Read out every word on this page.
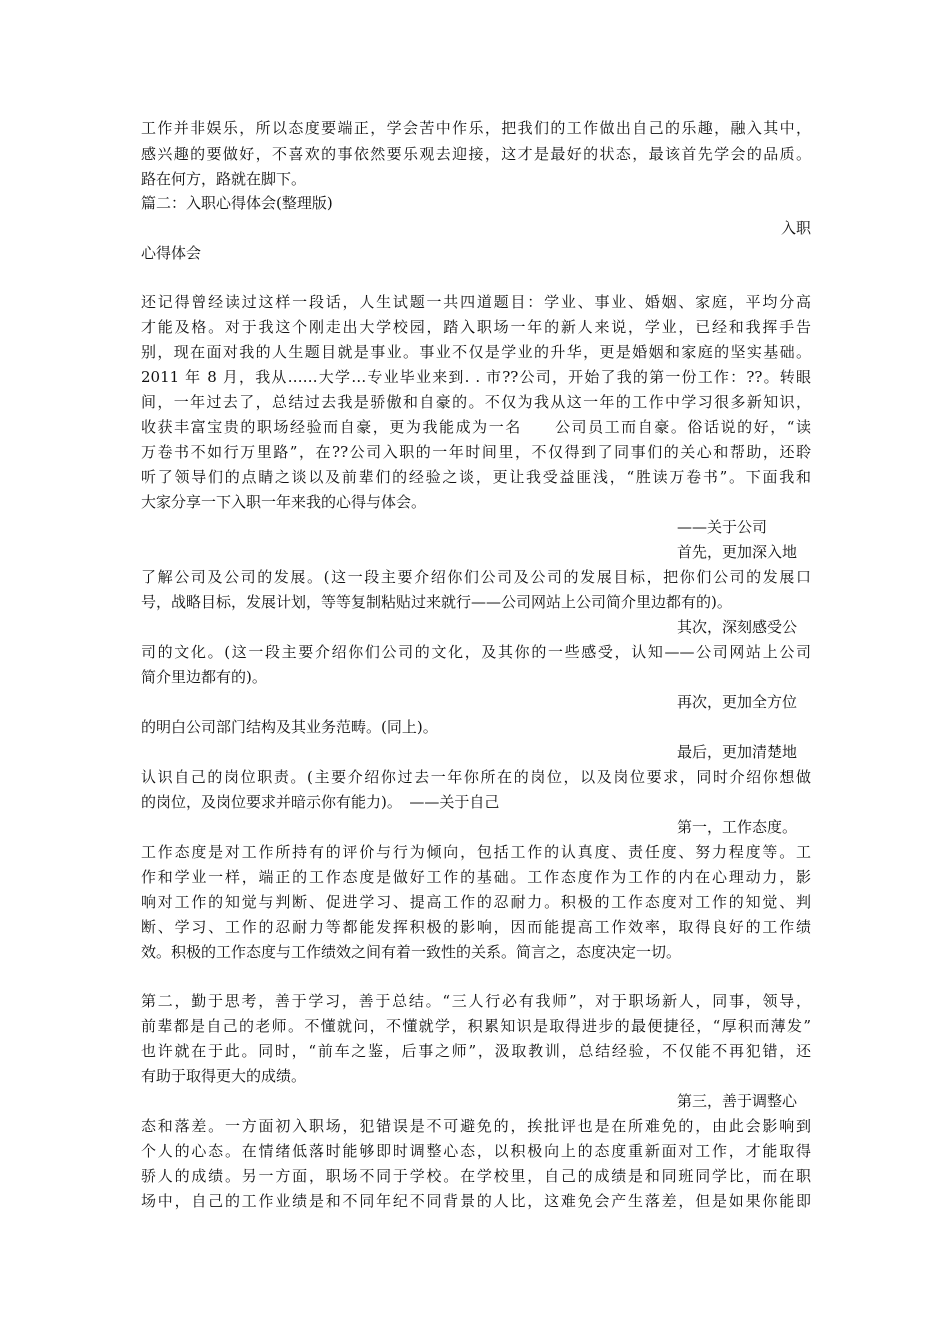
工作并非娱乐，所以态度要端正，学会苦中作乐，把我们的工作做出自己的乐趣，融入其中，
感兴趣的要做好，不喜欢的事依然要乐观去迎接，这才是最好的状态，最该首先学会的品质。
路在何方，路就在脚下。
篇二：入职心得体会(整理版)
入职
心得体会
还记得曾经读过这样一段话，人生试题一共四道题目：学业、事业、婚姻、家庭，平均分高
才能及格。对于我这个刚走出大学校园，踏入职场一年的新人来说，学业，已经和我挥手告
别，现在面对我的人生题目就是事业。事业不仅是学业的升华，更是婚姻和家庭的坚实基础。
2011 年 8 月，我从……大学…专业毕业来到. . 市??公司，开始了我的第一份工作：??。转眼
间，一年过去了，总结过去我是骄傲和自豪的。不仅为我从这一年的工作中学习很多新知识，
收获丰富宝贵的职场经验而自豪，更为我能成为一名　　公司员工而自豪。俗话说的好，“读
万卷书不如行万里路”，在??公司入职的一年时间里，不仅得到了同事们的关心和帮助，还聆
听了领导们的点睛之谈以及前辈们的经验之谈，更让我受益匪浅，“胜读万卷书”。下面我和
大家分享一下入职一年来我的心得与体会。
——关于公司
首先，更加深入地
了解公司及公司的发展。(这一段主要介绍你们公司及公司的发展目标，把你们公司的发展口
号，战略目标，发展计划，等等复制粘贴过来就行——公司网站上公司简介里边都有的)。
其次，深刻感受公
司的文化。(这一段主要介绍你们公司的文化，及其你的一些感受，认知——公司网站上公司
简介里边都有的)。
再次，更加全方位
的明白公司部门结构及其业务范畴。(同上)。
最后，更加清楚地
认识自己的岗位职责。(主要介绍你过去一年你所在的岗位，以及岗位要求，同时介绍你想做
的岗位，及岗位要求并暗示你有能力)。　——关于自己
第一，工作态度。
工作态度是对工作所持有的评价与行为倾向，包括工作的认真度、责任度、努力程度等。工
作和学业一样，端正的工作态度是做好工作的基础。工作态度作为工作的内在心理动力，影
响对工作的知觉与判断、促进学习、提高工作的忍耐力。积极的工作态度对工作的知觉、判
断、学习、工作的忍耐力等都能发挥积极的影响，因而能提高工作效率，取得良好的工作绩
效。积极的工作态度与工作绩效之间有着一致性的关系。简言之，态度决定一切。
第二，勤于思考，善于学习，善于总结。“三人行必有我师”，对于职场新人，同事，领导，
前辈都是自己的老师。不懂就问，不懂就学，积累知识是取得进步的最便捷径，“厚积而薄发”
也许就在于此。同时，“前车之鉴，后事之师”，汲取教训，总结经验，不仅能不再犯错，还
有助于取得更大的成绩。
第三，善于调整心
态和落差。一方面初入职场，犯错误是不可避免的，挨批评也是在所难免的，由此会影响到
个人的心态。在情绪低落时能够即时调整心态，以积极向上的态度重新面对工作，才能取得
骄人的成绩。另一方面，职场不同于学校。在学校里，自己的成绩是和同班同学比，而在职
场中，自己的工作业绩是和不同年纪不同背景的人比，这难免会产生落差，但是如果你能即
